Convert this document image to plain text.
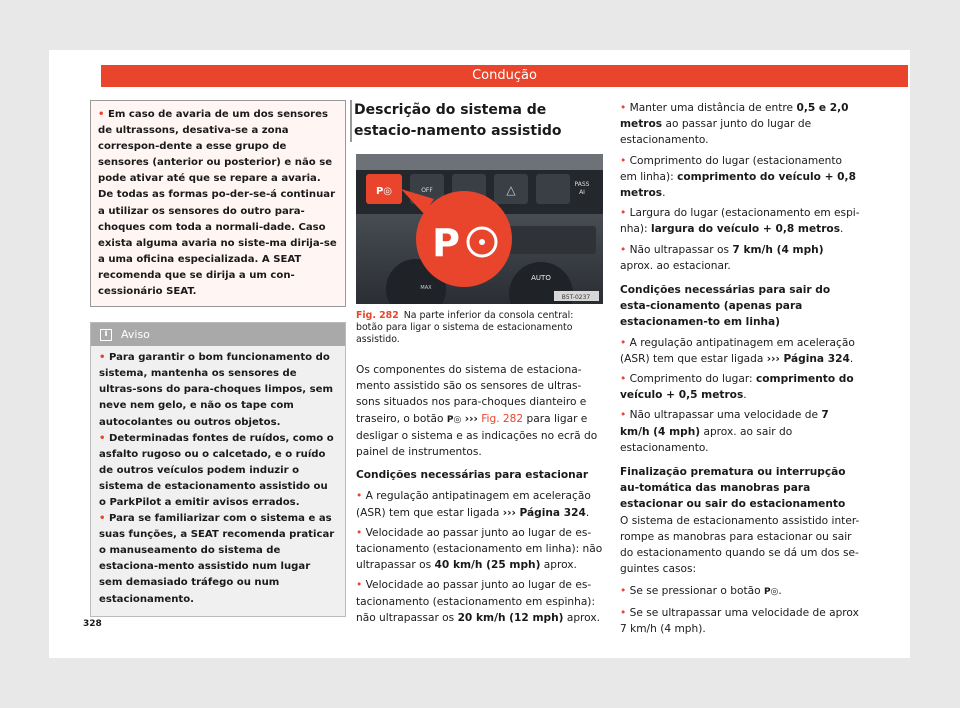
Condução
• Em caso de avaria de um dos sensores de ultrassons, desativa-se a zona correspon-dente a esse grupo de sensores (anterior ou posterior) e não se pode ativar até que se repare a avaria. De todas as formas po-der-se-á continuar a utilizar os sensores do outro para-choques com toda a normali-dade. Caso exista alguma avaria no siste-ma dirija-se a uma oficina especializada. A SEAT recomenda que se dirija a um con-cessionário SEAT.
i	Aviso

• Para garantir o bom funcionamento do sistema, mantenha os sensores de ultras-sons do para-choques limpos, sem neve nem gelo, e não os tape com autocolantes ou outros objetos.

• Determinadas fontes de ruídos, como o asfalto rugoso ou o calcetado, e o ruído de outros veículos podem induzir o sistema de estacionamento assistido ou o ParkPilot a emitir avisos errados.

• Para se familiarizar com o sistema e as suas funções, a SEAT recomenda praticar o manuseamento do sistema de estaciona-mento assistido num lugar sem demasiado tráfego ou num estacionamento.

Descrição do sistema de estacio-namento assistido
P◎	OFF	△	PASS
AI
AUTO
MAX
P
B5T-0237
Fig. 282 Na parte inferior da consola central: botão para ligar o sistema de estacionamento assistido.

Os componentes do sistema de estaciona-mento assistido são os sensores de ultras-sons situados nos para-choques dianteiro e traseiro, o botão P◎ ››› Fig. 282 para ligar e desligar o sistema e as indicações no ecrã do painel de instrumentos.

Condições necessárias para estacionar

• A regulação antipatinagem em aceleração (ASR) tem que estar ligada ››› Página 324.

• Velocidade ao passar junto ao lugar de es-tacionamento (estacionamento em linha): não ultrapassar os 40 km/h (25 mph) aprox.

• Velocidade ao passar junto ao lugar de es-tacionamento (estacionamento em espinha): não ultrapassar os 20 km/h (12 mph) aprox.

• Manter uma distância de entre 0,5 e 2,0 metros ao passar junto do lugar de estacionamento.

• Comprimento do lugar (estacionamento em linha): comprimento do veículo + 0,8 metros.

• Largura do lugar (estacionamento em espi-nha): largura do veículo + 0,8 metros.

• Não ultrapassar os 7 km/h (4 mph) aprox. ao estacionar.

Condições necessárias para sair do esta-cionamento (apenas para estacionamen-to em linha)

• A regulação antipatinagem em aceleração (ASR) tem que estar ligada ››› Página 324.

• Comprimento do lugar: comprimento do veículo + 0,5 metros.

• Não ultrapassar uma velocidade de 7 km/h (4 mph) aprox. ao sair do estacionamento.

Finalização prematura ou interrupção au-tomática das manobras para estacionar ou sair do estacionamento

O sistema de estacionamento assistido inter-rompe as manobras para estacionar ou sair do estacionamento quando se dá um dos se-guintes casos:

• Se se pressionar o botão P◎.

• Se se ultrapassar uma velocidade de aprox 7 km/h (4 mph).

328
